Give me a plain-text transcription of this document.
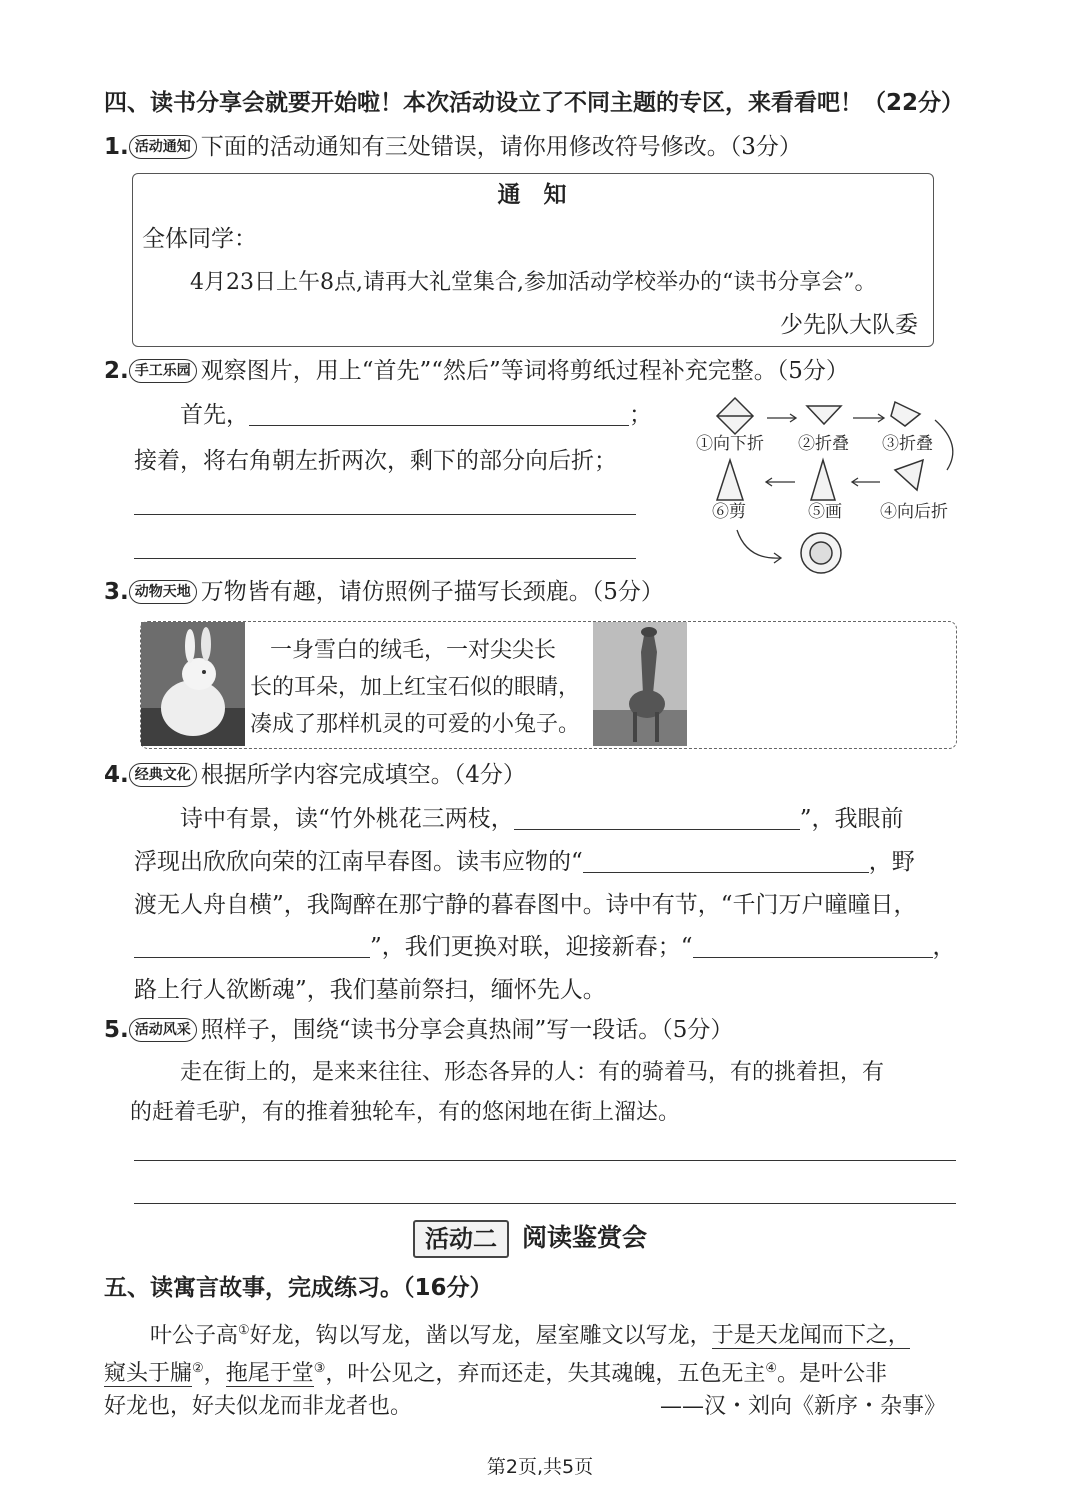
四、读书分享会就要开始啦！本次活动设立了不同主题的专区，来看看吧！（22分）
1. 活动通知 下面的活动通知有三处错误，请你用修改符号修改。（3分）
通　知
全体同学：
4月23日上午8点,请再大礼堂集合,参加活动学校举办的“读书分享会”。
少先队大队委
2. 手工乐园 观察图片，用上“首先”“然后”等词将剪纸过程补充完整。（5分）
首先，	；
接着，将右角朝左折两次，剩下的部分向后折；
①向下折 ②折叠 ③折叠
④向后折
⑤画
⑥剪
3. 动物天地 万物皆有趣，请仿照例子描写长颈鹿。（5分）
一身雪白的绒毛，一对尖尖长
长的耳朵，加上红宝石似的眼睛，
凑成了那样机灵的可爱的小兔子。
4. 经典文化 根据所学内容完成填空。（4分）
诗中有景，读“竹外桃花三两枝，	”，我眼前
浮现出欣欣向荣的江南早春图。读韦应物的“	，野
渡无人舟自横”，我陶醉在那宁静的暮春图中。诗中有节，“千门万户曈曈日，
”，我们更换对联，迎接新春；“	，
路上行人欲断魂”，我们墓前祭扫，缅怀先人。
5. 活动风采 照样子，围绕“读书分享会真热闹”写一段话。（5分）
走在街上的，是来来往往、形态各异的人：有的骑着马，有的挑着担，有
的赶着毛驴，有的推着独轮车，有的悠闲地在街上溜达。
活动二	阅读鉴赏会
五、读寓言故事，完成练习。（16分）
叶公子高①好龙，钩以写龙，凿以写龙，屋室雕文以写龙，于是天龙闻而下之，
窥头于牖②，拖尾于堂③，叶公见之，弃而还走，失其魂魄，五色无主④。是叶公非
好龙也，好夫似龙而非龙者也。	——汉・刘向《新序・杂事》
第2页,共5页
